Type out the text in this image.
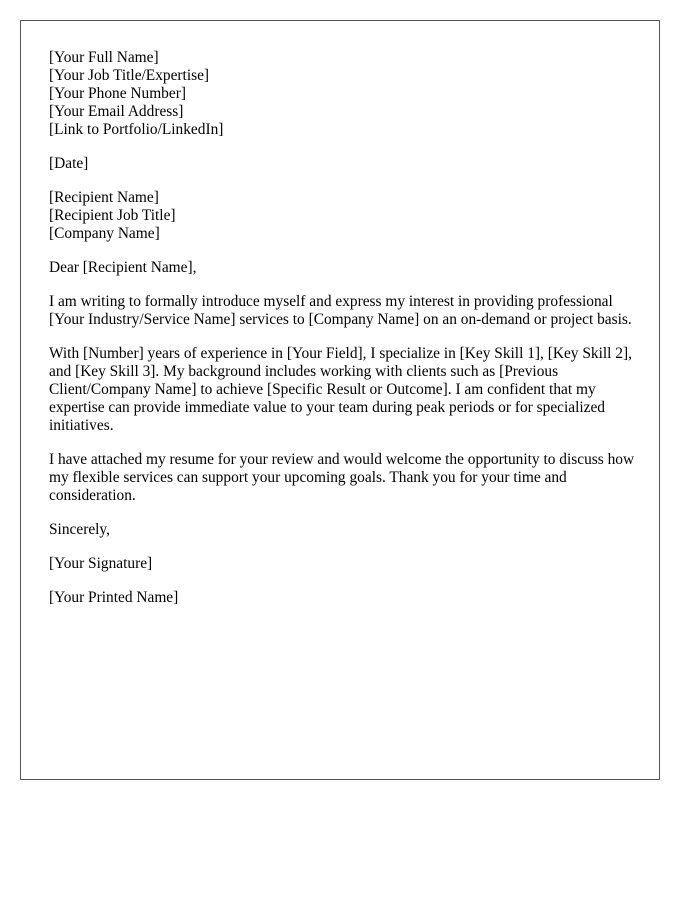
[Your Full Name]
[Your Job Title/Expertise]
[Your Phone Number]
[Your Email Address]
[Link to Portfolio/LinkedIn]
[Date]
[Recipient Name]
[Recipient Job Title]
[Company Name]
Dear [Recipient Name],

I am writing to formally introduce myself and express my interest in providing professional [Your Industry/Service Name] services to [Company Name] on an on-demand or project basis.

With [Number] years of experience in [Your Field], I specialize in [Key Skill 1], [Key Skill 2], and [Key Skill 3]. My background includes working with clients such as [Previous Client/Company Name] to achieve [Specific Result or Outcome]. I am confident that my expertise can provide immediate value to your team during peak periods or for specialized initiatives.

I have attached my resume for your review and would welcome the opportunity to discuss how my flexible services can support your upcoming goals. Thank you for your time and consideration.

Sincerely,
[Your Signature]
[Your Printed Name]
